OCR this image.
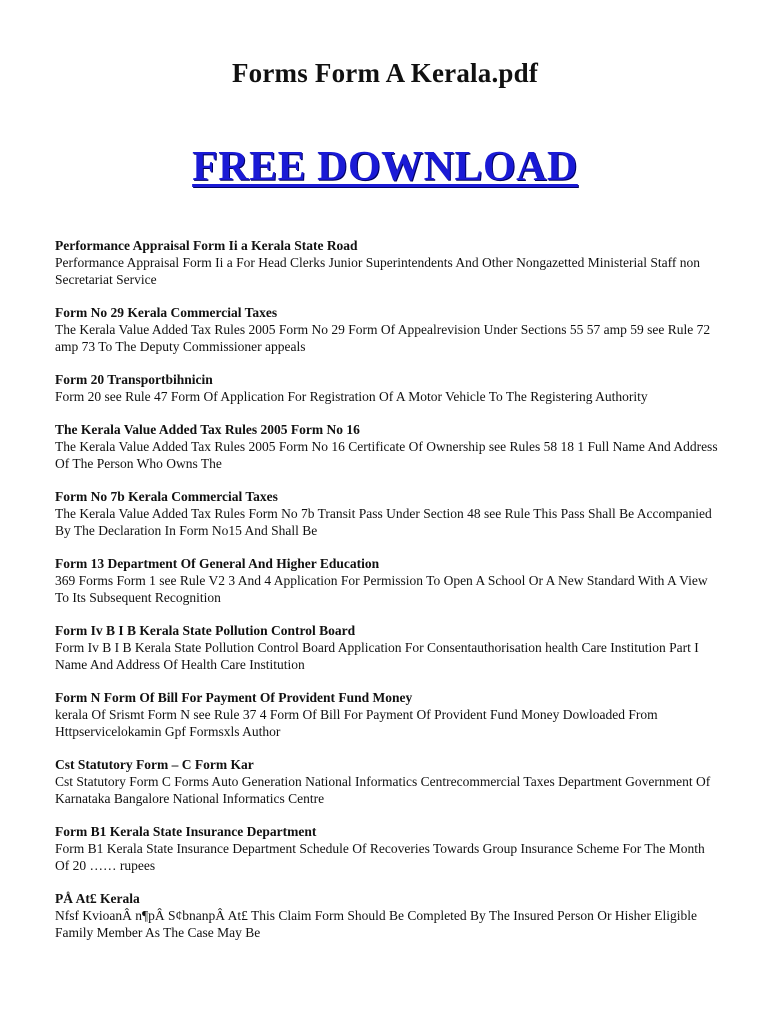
Forms Form A Kerala.pdf
FREE DOWNLOAD

Performance Appraisal Form Ii a Kerala State Road

Performance Appraisal Form Ii a For Head Clerks Junior Superintendents And Other Nongazetted Ministerial Staff non Secretariat Service

Form No 29 Kerala Commercial Taxes

The Kerala Value Added Tax Rules 2005 Form No 29 Form Of Appealrevision Under Sections 55 57 amp 59 see Rule 72 amp 73 To The Deputy Commissioner appeals

Form 20 Transportbihnicin

Form 20 see Rule 47 Form Of Application For Registration Of A Motor Vehicle To The Registering Authority

The Kerala Value Added Tax Rules 2005 Form No 16

The Kerala Value Added Tax Rules 2005 Form No 16 Certificate Of Ownership see Rules 58 18 1 Full Name And Address Of The Person Who Owns The

Form No 7b Kerala Commercial Taxes

The Kerala Value Added Tax Rules Form No 7b Transit Pass Under Section 48 see Rule This Pass Shall Be Accompanied By The Declaration In Form No15 And Shall Be

Form 13 Department Of General And Higher Education

369 Forms Form 1 see Rule V2 3 And 4 Application For Permission To Open A School Or A New Standard With A View To Its Subsequent Recognition

Form Iv B I B Kerala State Pollution Control Board

Form Iv B I B Kerala State Pollution Control Board Application For Consentauthorisation health Care Institution Part I Name And Address Of Health Care Institution

Form N Form Of Bill For Payment Of Provident Fund Money

kerala Of Srismt Form N see Rule 37 4 Form Of Bill For Payment Of Provident Fund Money Dowloaded From Httpservicelokamin Gpf Formsxls Author

Cst Statutory Form – C Form Kar

Cst Statutory Form C Forms Auto Generation National Informatics Centrecommercial Taxes Department Government Of Karnataka Bangalore National Informatics Centre

Form B1 Kerala State Insurance Department

Form B1 Kerala State Insurance Department Schedule Of Recoveries Towards Group Insurance Scheme For The Month Of 20 …… rupees

PÅ At£ Kerala

Nfsf KvioanÂ n¶pÂ S¢bnanpÂ At£ This Claim Form Should Be Completed By The Insured Person Or Hisher Eligible Family Member As The Case May Be
